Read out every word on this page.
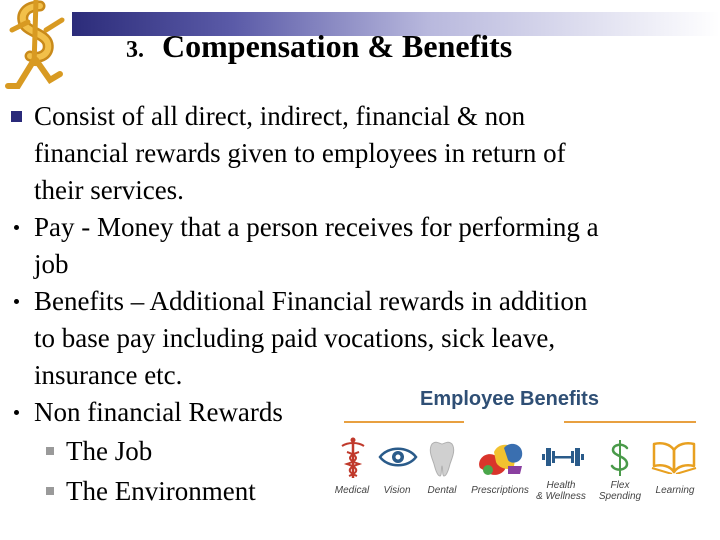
3. Compensation & Benefits
Consist of all direct, indirect, financial & non
financial rewards given to employees in return of
their services.
Pay - Money that a person receives for performing a
job
Benefits – Additional Financial rewards in addition
to base pay including paid vocations, sick leave,
insurance etc.
Non financial Rewards
The Job
The Environment
Employee Benefits
Medical	Vision	Dental	Prescriptions	Health
& Wellness
Flex
Spending
Learning
